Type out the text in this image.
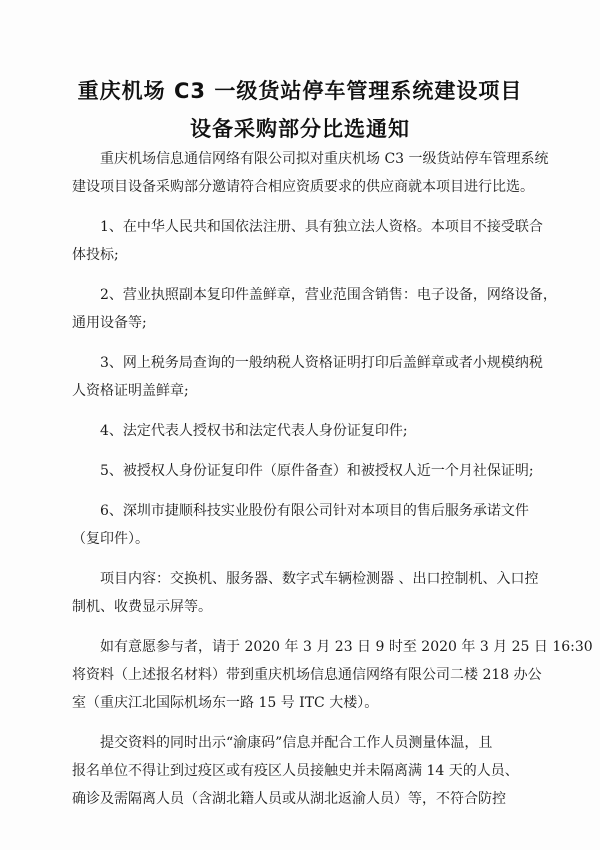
重庆机场 C3 一级货站停车管理系统建设项目
设备采购部分比选通知

重庆机场信息通信网络有限公司拟对重庆机场 C3 一级货站停车管理系统
建设项目设备采购部分邀请符合相应资质要求的供应商就本项目进行比选。

1、在中华人民共和国依法注册、具有独立法人资格。本项目不接受联合
体投标;

2、营业执照副本复印件盖鲜章，营业范围含销售：电子设备，网络设备，
通用设备等;

3、网上税务局查询的一般纳税人资格证明打印后盖鲜章或者小规模纳税
人资格证明盖鲜章;

4、法定代表人授权书和法定代表人身份证复印件;

5、被授权人身份证复印件（原件备查）和被授权人近一个月社保证明;

6、深圳市捷顺科技实业股份有限公司针对本项目的售后服务承诺文件
（复印件）。

项目内容：交换机、服务器、数字式车辆检测器 、出口控制机、入口控
制机、收费显示屏等。

如有意愿参与者，请于 2020 年 3 月 23 日 9 时至 2020 年 3 月 25 日 16:30
将资料（上述报名材料）带到重庆机场信息通信网络有限公司二楼 218 办公
室（重庆江北国际机场东一路 15 号 ITC 大楼）。

提交资料的同时出示“渝康码”信息并配合工作人员测量体温，且
报名单位不得让到过疫区或有疫区人员接触史并未隔离满 14 天的人员、
确诊及需隔离人员（含湖北籍人员或从湖北返渝人员）等，不符合防控
